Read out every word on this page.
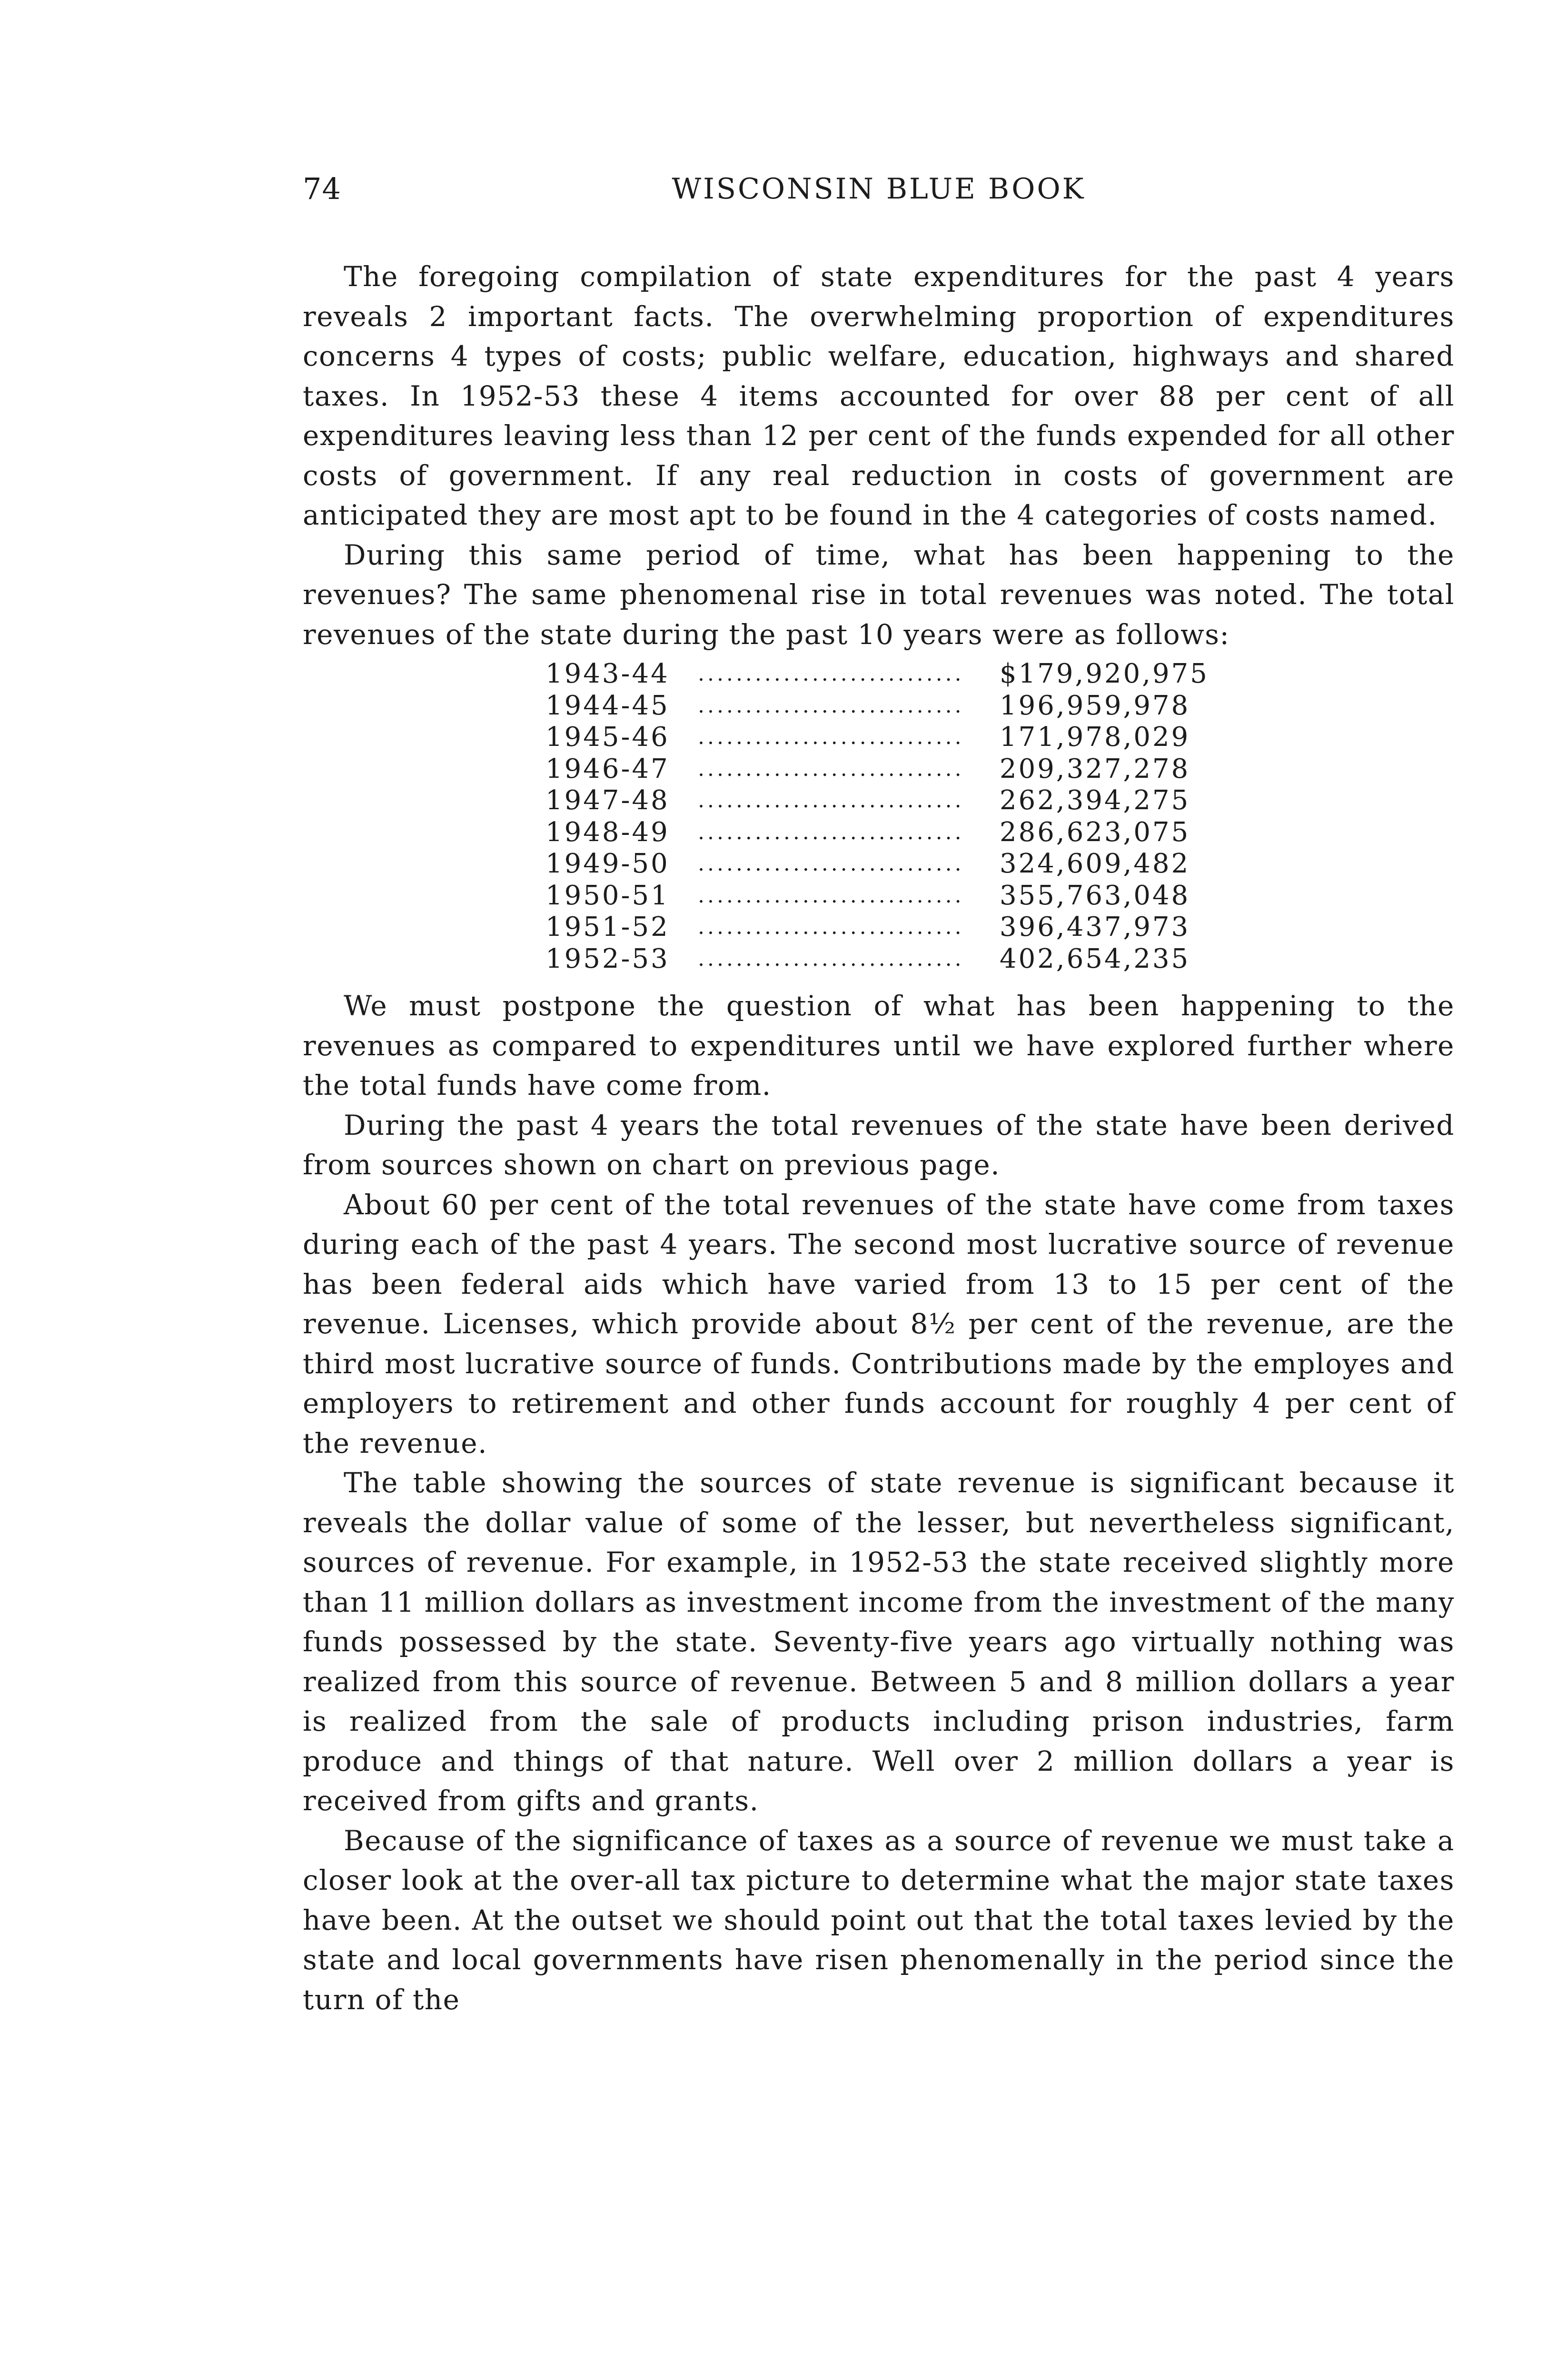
74	WISCONSIN BLUE BOOK

The foregoing compilation of state expenditures for the past 4 years reveals 2 important facts. The overwhelming proportion of expenditures concerns 4 types of costs; public welfare, education, highways and shared taxes. In 1952-53 these 4 items accounted for over 88 per cent of all expenditures leaving less than 12 per cent of the funds expended for all other costs of government. If any real reduction in costs of government are anticipated they are most apt to be found in the 4 categories of costs named.

During this same period of time, what has been happening to the revenues? The same phenomenal rise in total revenues was noted. The total revenues of the state during the past 10 years were as follows:

1943-44	............................	$179,920,975
1944-45	............................	196,959,978
1945-46	............................	171,978,029
1946-47	............................	209,327,278
1947-48	............................	262,394,275
1948-49	............................	286,623,075
1949-50	............................	324,609,482
1950-51	............................	355,763,048
1951-52	............................	396,437,973
1952-53	............................	402,654,235

We must postpone the question of what has been happening to the revenues as compared to expenditures until we have explored further where the total funds have come from.

During the past 4 years the total revenues of the state have been derived from sources shown on chart on previous page.

About 60 per cent of the total revenues of the state have come from taxes during each of the past 4 years. The second most lucrative source of revenue has been federal aids which have varied from 13 to 15 per cent of the revenue. Licenses, which provide about 8½ per cent of the revenue, are the third most lucrative source of funds. Contributions made by the employes and employers to retirement and other funds account for roughly 4 per cent of the revenue.

The table showing the sources of state revenue is significant because it reveals the dollar value of some of the lesser, but nevertheless significant, sources of revenue. For example, in 1952-53 the state received slightly more than 11 million dollars as investment income from the investment of the many funds possessed by the state. Seventy-five years ago virtually nothing was realized from this source of revenue. Between 5 and 8 million dollars a year is realized from the sale of products including prison industries, farm produce and things of that nature. Well over 2 million dollars a year is received from gifts and grants.

Because of the significance of taxes as a source of revenue we must take a closer look at the over-all tax picture to determine what the major state taxes have been. At the outset we should point out that the total taxes levied by the state and local governments have risen phenomenally in the period since the turn of the
